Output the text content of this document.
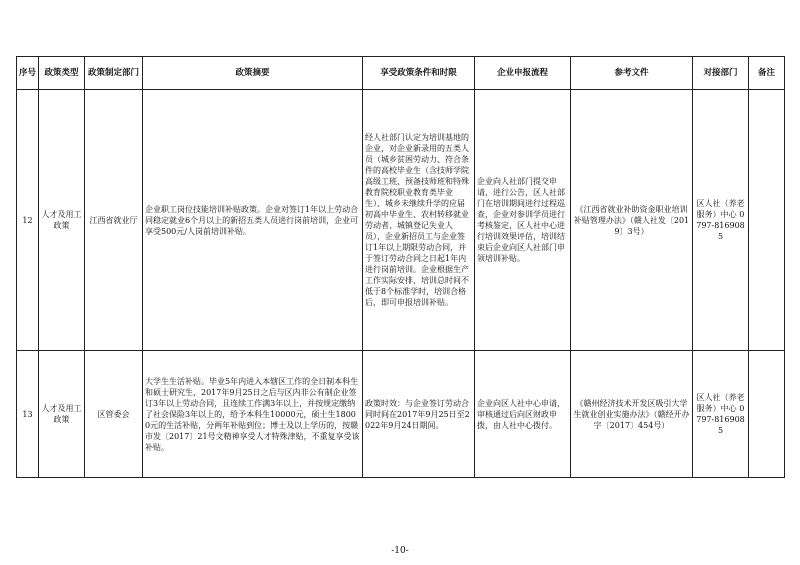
序号	政策类型	政策制定部门	政策摘要	享受政策条件和时限	企业申报流程	参考文件	对接部门	备注
12	人才及用工政策	江西省就业厅	企业职工岗位技能培训补贴政策。企业对签订1年以上劳动合同稳定就业6个月以上的新招五类人员进行岗前培训，企业可享受500元/人岗前培训补贴。	经人社部门认定为培训基地的企业，对企业新录用的五类人员（城乡贫困劳动力、符合条件的高校毕业生（含技师学院高级工班、预备技师班和特殊教育院校职业教育类毕业生）、城乡未继续升学的应届初高中毕业生、农村转移就业劳动者、城镇登记失业人员），企业新招员工与企业签订1年以上期限劳动合同，并于签订劳动合同之日起1年内进行岗前培训。企业根据生产工作实际安排，培训总时间不低于8个标准学时，培训合格后，即可申报培训补贴。	企业向人社部门提交申请，进行公告，区人社部门在培训期间进行过程巡查，企业对参训学员进行考核鉴定，区人社中心进行培训效果评估，培训结束后企业向区人社部门申领培训补贴。	《江西省就业补助资金职业培训补贴管理办法》（赣人社发〔2019〕3号）	区人社（养老服务）中心 0797-8169085	
13	人才及用工政策	区管委会	大学生生活补贴。毕业5年内进入本辖区工作的全日制本科生和硕士研究生，2017年9月25日之后与区内非公有制企业签订3年以上劳动合同，且连续工作满3年以上，并按规定缴纳了社会保险3年以上的，给予本科生10000元，硕士生18000元的生活补贴，分两年补贴到位；博士及以上学历的，按赣市发〔2017〕21号文精神享受人才特殊津贴，不重复享受该补贴。	政策时效：与企业签订劳动合同时间在2017年9月25日至2022年9月24日期间。	企业向区人社中心申请，审核通过后向区财政申拨，由人社中心拨付。	《赣州经济技术开发区吸引大学生就业创业实施办法》（赣经开办字〔2017〕454号）	区人社（养老服务）中心 0797-8169085	
-10-
